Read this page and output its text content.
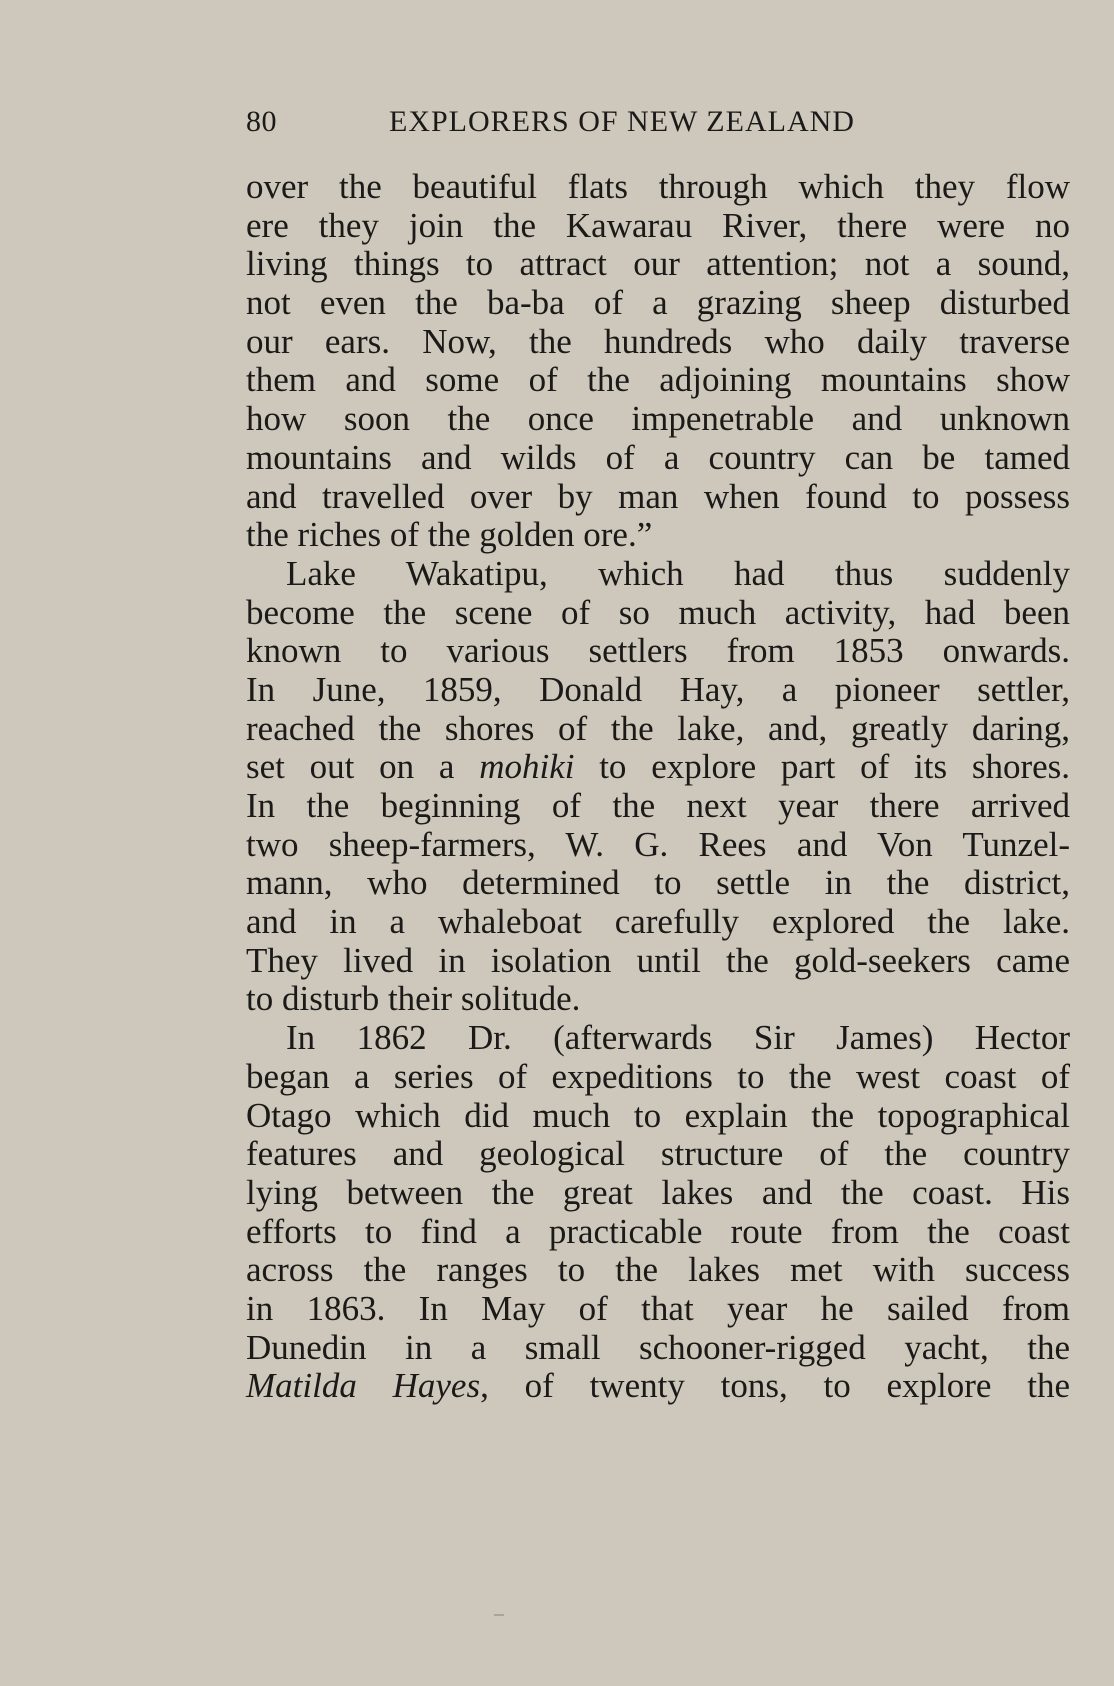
80	EXPLORERS OF NEW ZEALAND
over the beautiful flats through which they flow
ere they join the Kawarau River, there were no
living things to attract our attention; not a sound,
not even the ba-ba of a grazing sheep disturbed
our ears. Now, the hundreds who daily traverse
them and some of the adjoining mountains show
how soon the once impenetrable and unknown
mountains and wilds of a country can be tamed
and travelled over by man when found to possess
the riches of the golden ore.”
Lake Wakatipu, which had thus suddenly
become the scene of so much activity, had been
known to various settlers from 1853 onwards.
In June, 1859, Donald Hay, a pioneer settler,
reached the shores of the lake, and, greatly daring,
set out on a mohiki to explore part of its shores.
In the beginning of the next year there arrived
two sheep-farmers, W. G. Rees and Von Tunzel-
mann, who determined to settle in the district,
and in a whaleboat carefully explored the lake.
They lived in isolation until the gold-seekers came
to disturb their solitude.
In 1862 Dr. (afterwards Sir James) Hector
began a series of expeditions to the west coast of
Otago which did much to explain the topographical
features and geological structure of the country
lying between the great lakes and the coast. His
efforts to find a practicable route from the coast
across the ranges to the lakes met with success
in 1863. In May of that year he sailed from
Dunedin in a small schooner-rigged yacht, the
Matilda Hayes, of twenty tons, to explore the
